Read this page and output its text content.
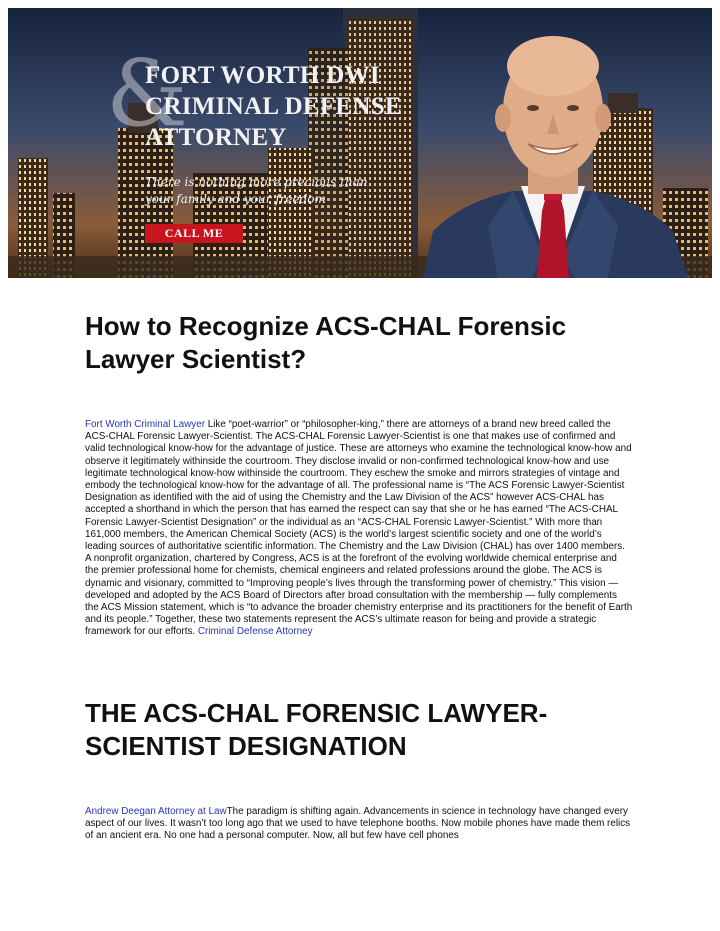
&
FORT WORTH DWI
CRIMINAL DEFENSE
ATTORNEY
There is nothing more precious than
your family and your freedom
CALL ME
How to Recognize ACS-CHAL Forensic
Lawyer Scientist?

Fort Worth Criminal Lawyer Like “poet-warrior” or “philosopher-king,” there are attorneys of a brand new breed called the ACS-CHAL Forensic Lawyer-Scientist. The ACS-CHAL Forensic Lawyer-Scientist is one that makes use of confirmed and valid technological know-how for the advantage of justice. These are attorneys who examine the technological know-how and observe it legitimately withinside the courtroom. They disclose invalid or non-confirmed technological know-how and use legitimate technological know-how withinside the courtroom. They eschew the smoke and mirrors strategies of vintage and embody the technological know-how for the advantage of all. The professional name is “The ACS Forensic Lawyer-Scientist Designation as identified with the aid of using the Chemistry and the Law Division of the ACS” however ACS-CHAL has accepted a shorthand in which the person that has earned the respect can say that she or he has earned “The ACS-CHAL Forensic Lawyer-Scientist Designation” or the individual as an “ACS-CHAL Forensic Lawyer-Scientist.” With more than 161,000 members, the American Chemical Society (ACS) is the world’s largest scientific society and one of the world’s leading sources of authoritative scientific information. The Chemistry and the Law Division (CHAL) has over 1400 members. A nonprofit organization, chartered by Congress, ACS is at the forefront of the evolving worldwide chemical enterprise and the premier professional home for chemists, chemical engineers and related professions around the globe. The ACS is dynamic and visionary, committed to “Improving people’s lives through the transforming power of chemistry.” This vision — developed and adopted by the ACS Board of Directors after broad consultation with the membership — fully complements the ACS Mission statement, which is “to advance the broader chemistry enterprise and its practitioners for the benefit of Earth and its people.” Together, these two statements represent the ACS’s ultimate reason for being and provide a strategic framework for our efforts. Criminal Defense Attorney

THE ACS-CHAL FORENSIC LAWYER-
SCIENTIST DESIGNATION

Andrew Deegan Attorney at LawThe paradigm is shifting again. Advancements in science in technology have changed every aspect of our lives. It wasn’t too long ago that we used to have telephone booths. Now mobile phones have made them relics of an ancient era. No one had a personal computer. Now, all but few have cell phones
